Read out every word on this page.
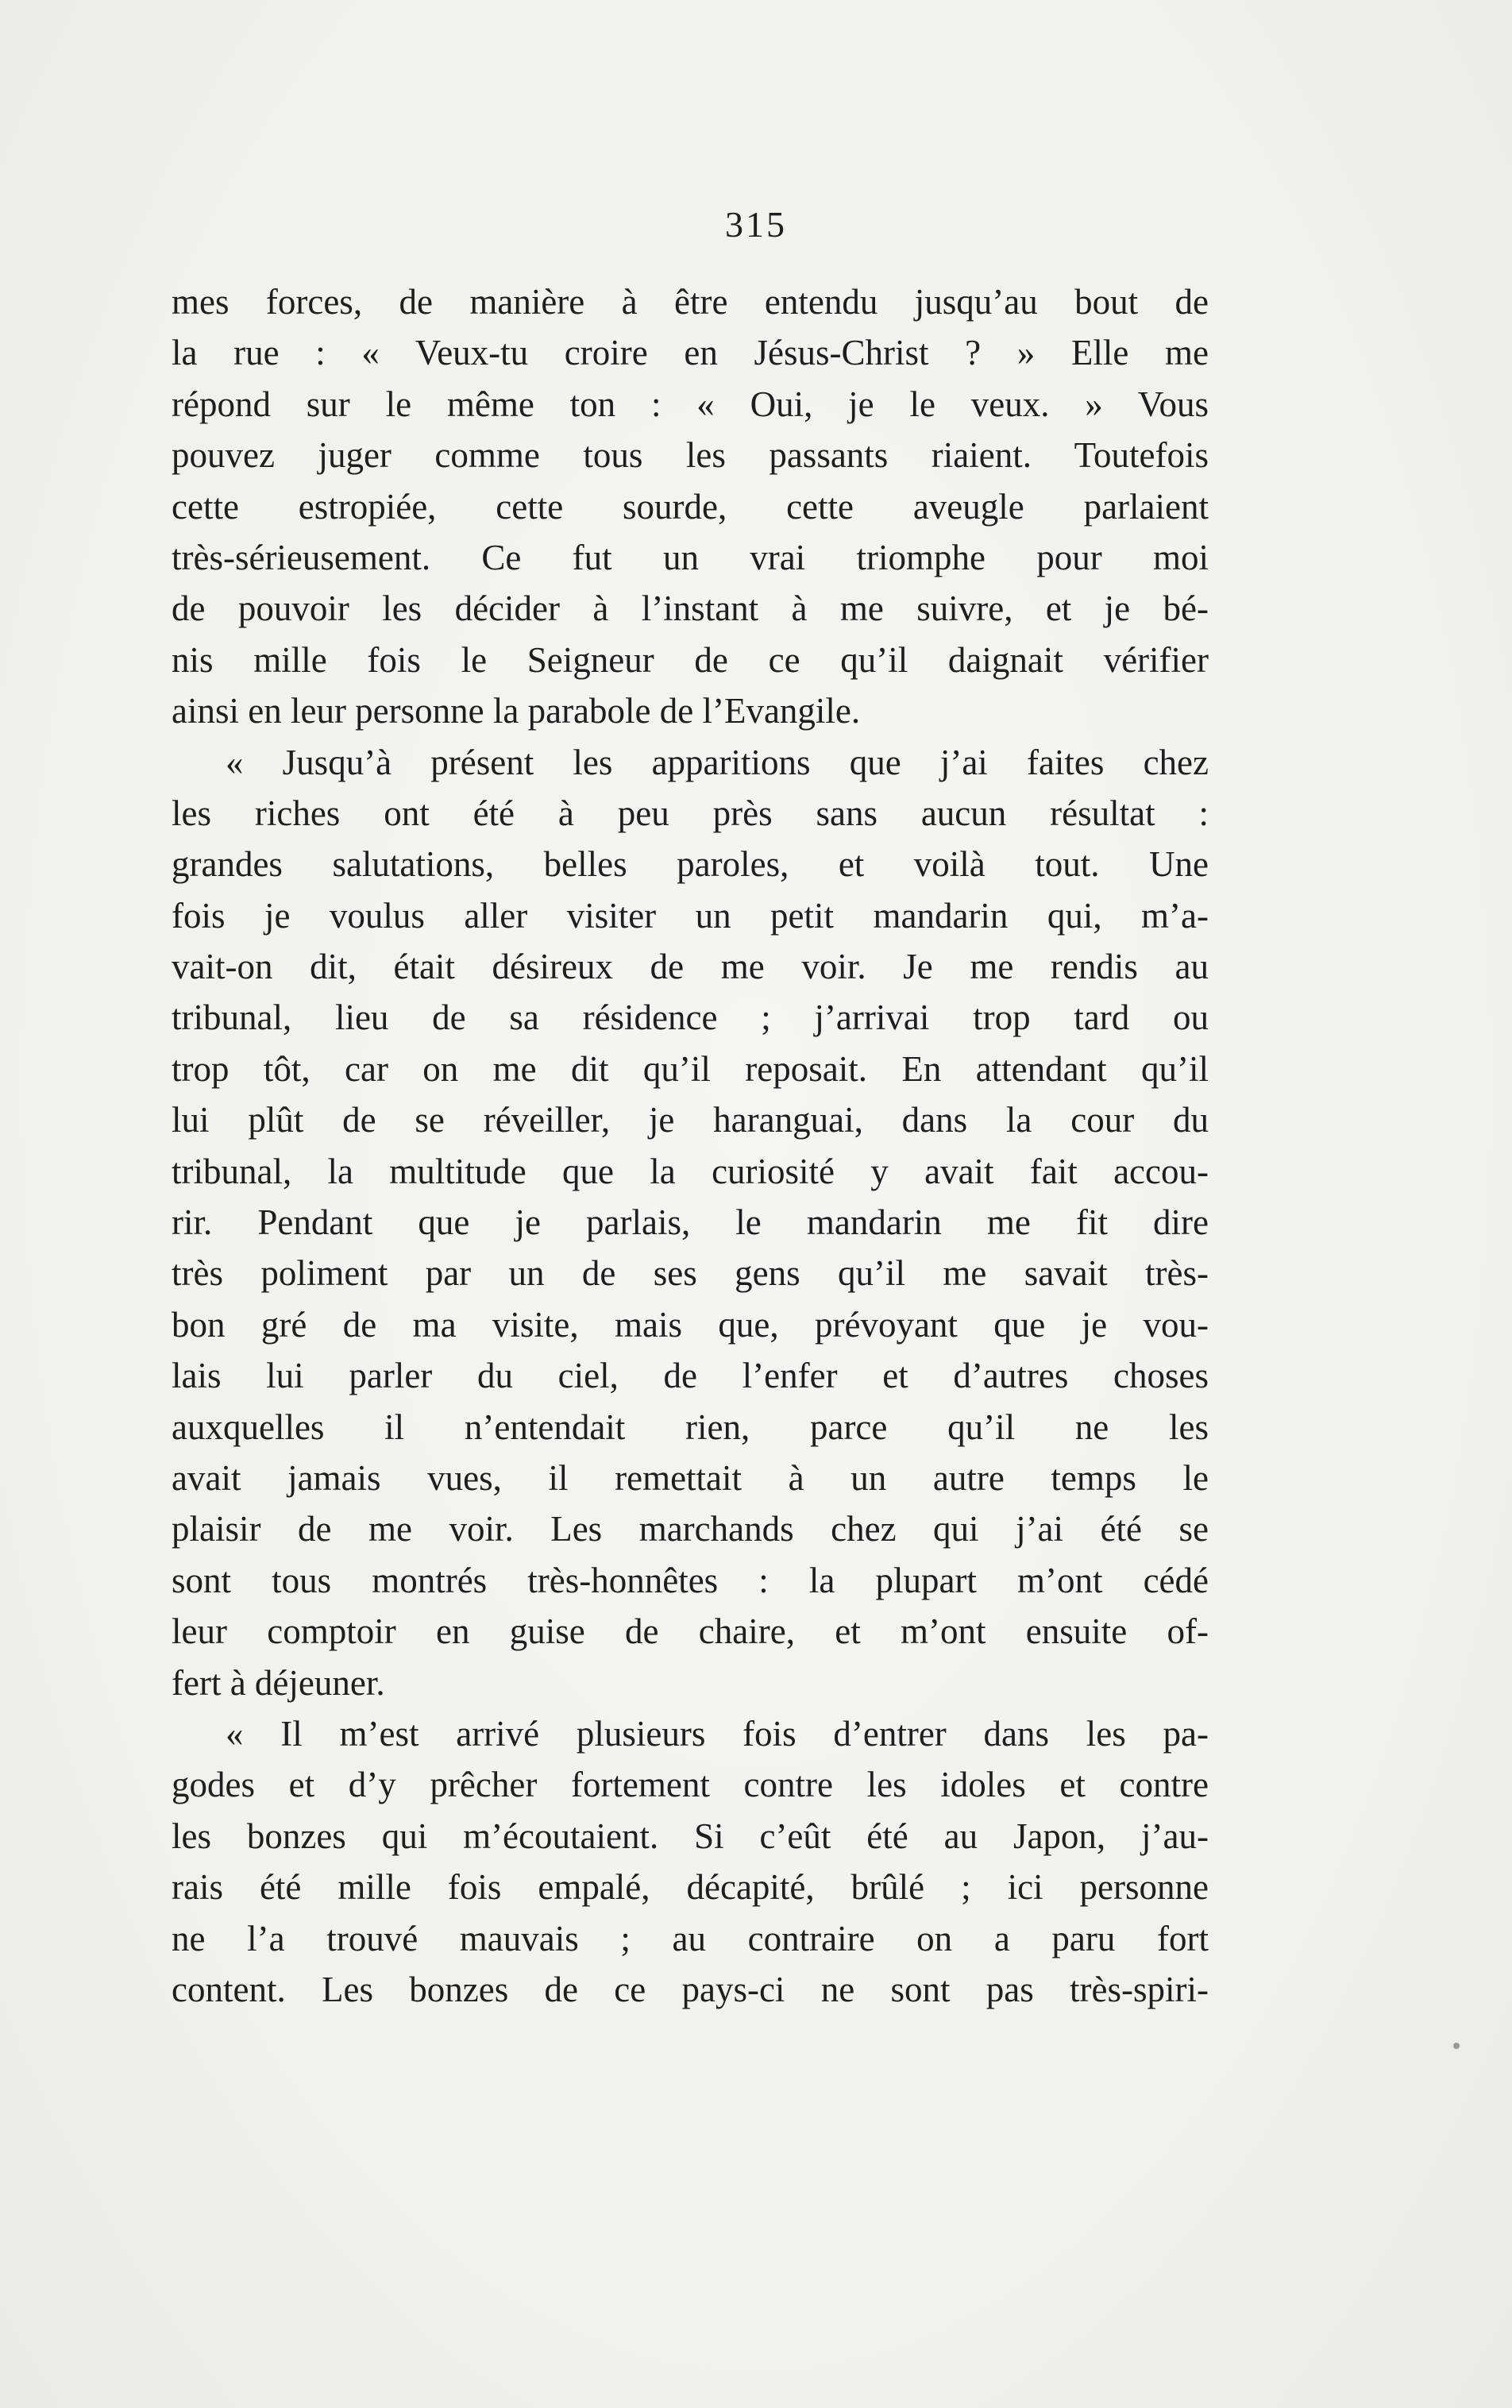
315
mes forces, de manière à être entendu jusqu’au bout de
la rue : « Veux-tu croire en Jésus-Christ ? » Elle me
répond sur le même ton : « Oui, je le veux. » Vous
pouvez juger comme tous les passants riaient. Toutefois
cette estropiée, cette sourde, cette aveugle parlaient
très-sérieusement. Ce fut un vrai triomphe pour moi
de pouvoir les décider à l’instant à me suivre, et je bé-
nis mille fois le Seigneur de ce qu’il daignait vérifier
ainsi en leur personne la parabole de l’Evangile.
« Jusqu’à présent les apparitions que j’ai faites chez
les riches ont été à peu près sans aucun résultat :
grandes salutations, belles paroles, et voilà tout. Une
fois je voulus aller visiter un petit mandarin qui, m’a-
vait-on dit, était désireux de me voir. Je me rendis au
tribunal, lieu de sa résidence ; j’arrivai trop tard ou
trop tôt, car on me dit qu’il reposait. En attendant qu’il
lui plût de se réveiller, je haranguai, dans la cour du
tribunal, la multitude que la curiosité y avait fait accou-
rir. Pendant que je parlais, le mandarin me fit dire
très poliment par un de ses gens qu’il me savait très-
bon gré de ma visite, mais que, prévoyant que je vou-
lais lui parler du ciel, de l’enfer et d’autres choses
auxquelles il n’entendait rien, parce qu’il ne les
avait jamais vues, il remettait à un autre temps le
plaisir de me voir. Les marchands chez qui j’ai été se
sont tous montrés très-honnêtes : la plupart m’ont cédé
leur comptoir en guise de chaire, et m’ont ensuite of-
fert à déjeuner.
« Il m’est arrivé plusieurs fois d’entrer dans les pa-
godes et d’y prêcher fortement contre les idoles et contre
les bonzes qui m’écoutaient. Si c’eût été au Japon, j’au-
rais été mille fois empalé, décapité, brûlé ; ici personne
ne l’a trouvé mauvais ; au contraire on a paru fort
content. Les bonzes de ce pays-ci ne sont pas très-spiri-
